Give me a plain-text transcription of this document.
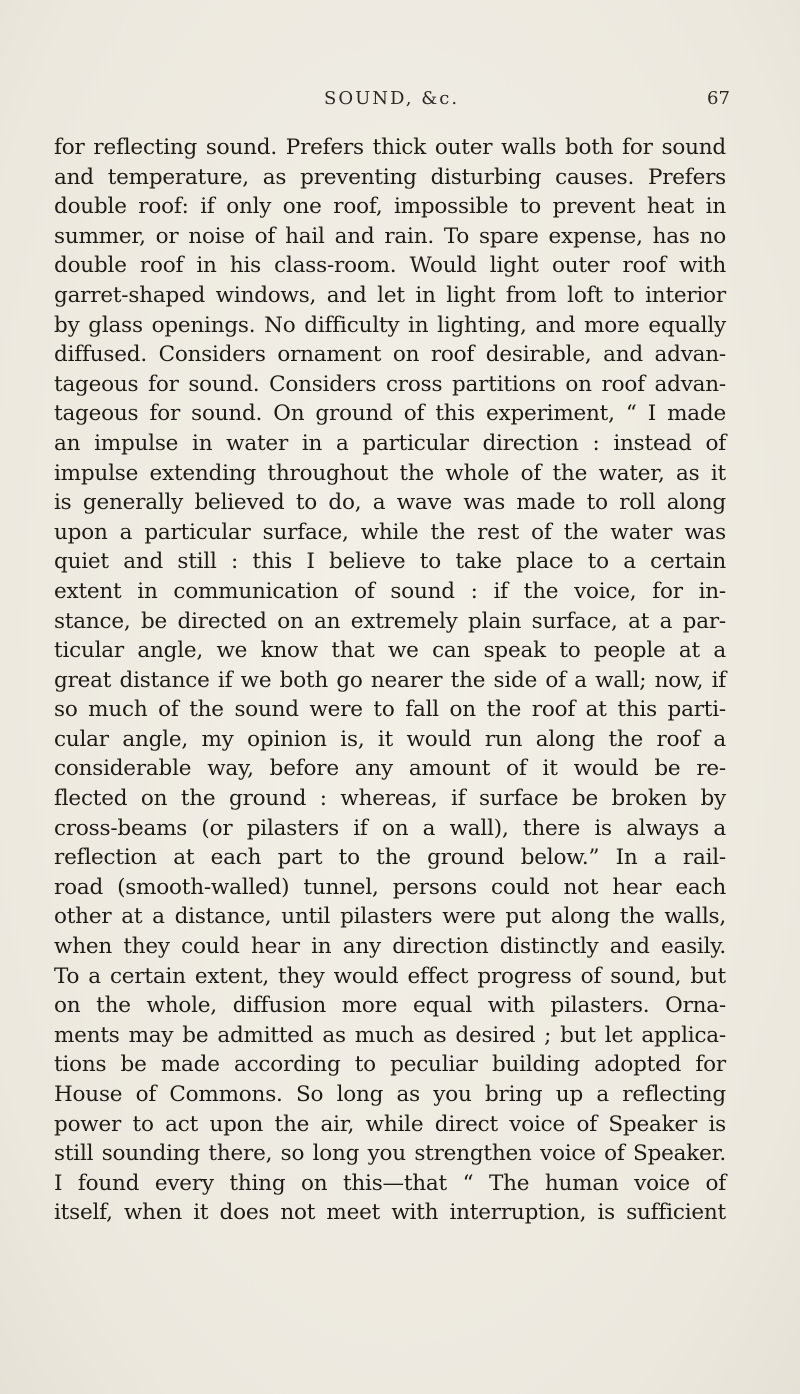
SOUND, &c.	67
for reflecting sound. Prefers thick outer walls both for sound
and temperature, as preventing disturbing causes. Prefers
double roof: if only one roof, impossible to prevent heat in
summer, or noise of hail and rain. To spare expense, has no
double roof in his class-room. Would light outer roof with
garret-shaped windows, and let in light from loft to interior
by glass openings. No difficulty in lighting, and more equally
diffused. Considers ornament on roof desirable, and advan-
tageous for sound. Considers cross partitions on roof advan-
tageous for sound. On ground of this experiment, “ I made
an impulse in water in a particular direction : instead of
impulse extending throughout the whole of the water, as it
is generally believed to do, a wave was made to roll along
upon a particular surface, while the rest of the water was
quiet and still : this I believe to take place to a certain
extent in communication of sound : if the voice, for in-
stance, be directed on an extremely plain surface, at a par-
ticular angle, we know that we can speak to people at a
great distance if we both go nearer the side of a wall; now, if
so much of the sound were to fall on the roof at this parti-
cular angle, my opinion is, it would run along the roof a
considerable way, before any amount of it would be re-
flected on the ground : whereas, if surface be broken by
cross-beams (or pilasters if on a wall), there is always a
reflection at each part to the ground below.” In a rail-
road (smooth-walled) tunnel, persons could not hear each
other at a distance, until pilasters were put along the walls,
when they could hear in any direction distinctly and easily.
To a certain extent, they would effect progress of sound, but
on the whole, diffusion more equal with pilasters. Orna-
ments may be admitted as much as desired ; but let applica-
tions be made according to peculiar building adopted for
House of Commons. So long as you bring up a reflecting
power to act upon the air, while direct voice of Speaker is
still sounding there, so long you strengthen voice of Speaker.
I found every thing on this—that “ The human voice of
itself, when it does not meet with interruption, is sufficient
